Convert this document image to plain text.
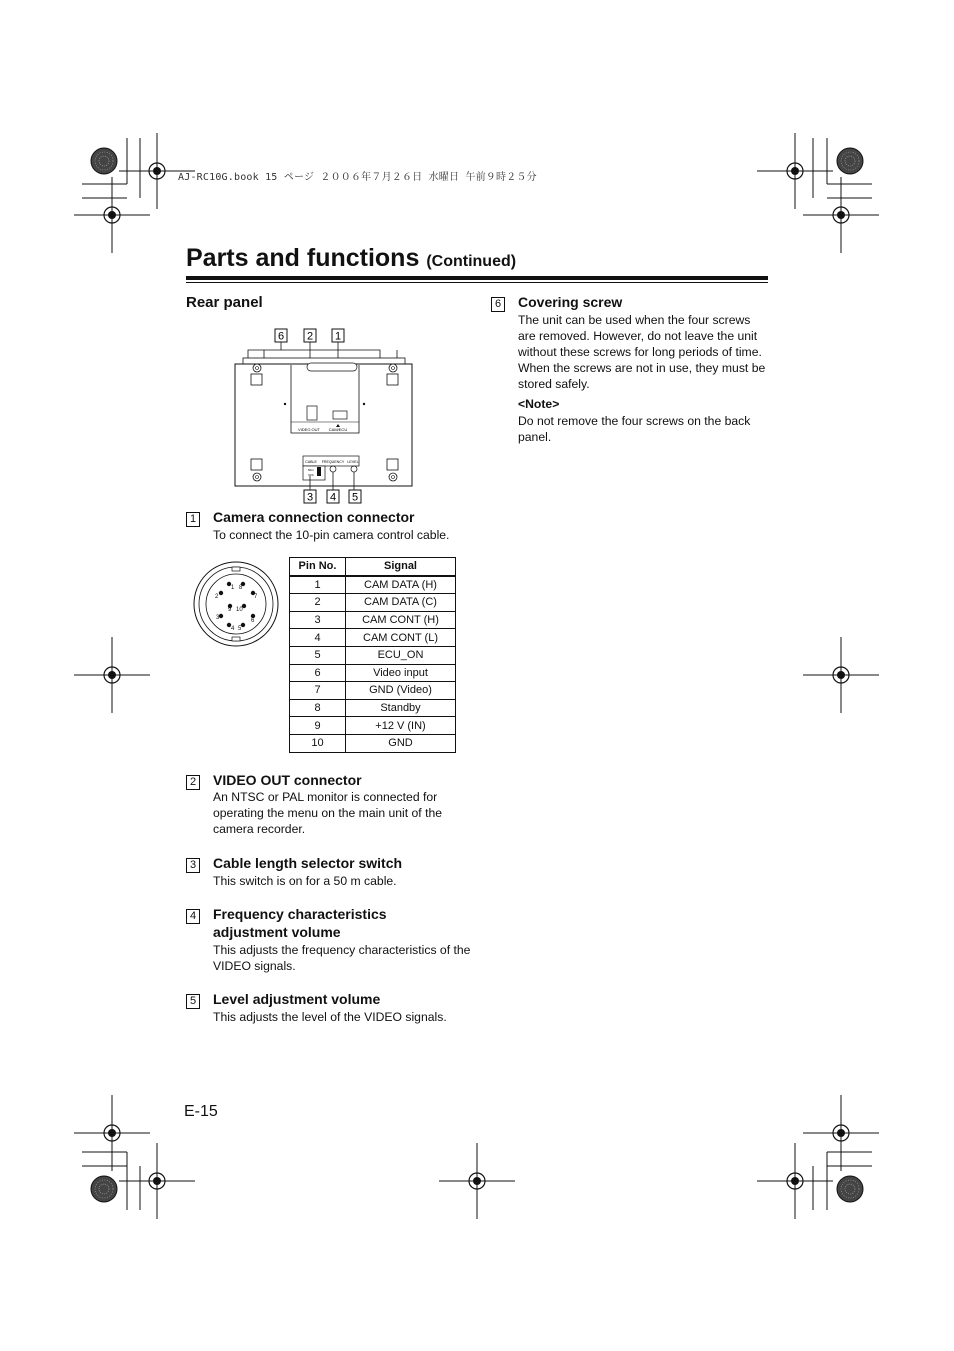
AJ-RC10G.book 15 ページ ２００６年７月２６日 水曜日 午前９時２５分
Parts and functions (Continued)
Rear panel
6 2 1
VIDEO OUT CAM/ECU
CABLE FREQUENCY LEVEL
50m
OFF
3 4 5
1 Camera connection connector
To connect the 10-pin camera control cable.
1
2
3
4 5
6
7
8
9 10
Pin No.	Signal
1	CAM DATA (H)
2	CAM DATA (C)
3	CAM CONT (H)
4	CAM CONT (L)
5	ECU_ON
6	Video input
7	GND (Video)
8	Standby
9	+12 V (IN)
10	GND
2 VIDEO OUT connector
An NTSC or PAL monitor is connected for operating the menu on the main unit of the camera recorder.
3 Cable length selector switch
This switch is on for a 50 m cable.
4 Frequency characteristics adjustment volume
This adjusts the frequency characteristics of the VIDEO signals.
5 Level adjustment volume
This adjusts the level of the VIDEO signals.
6 Covering screw
The unit can be used when the four screws are removed. However, do not leave the unit without these screws for long periods of time. When the screws are not in use, they must be stored safely.
<Note>
Do not remove the four screws on the back panel.
E-15
